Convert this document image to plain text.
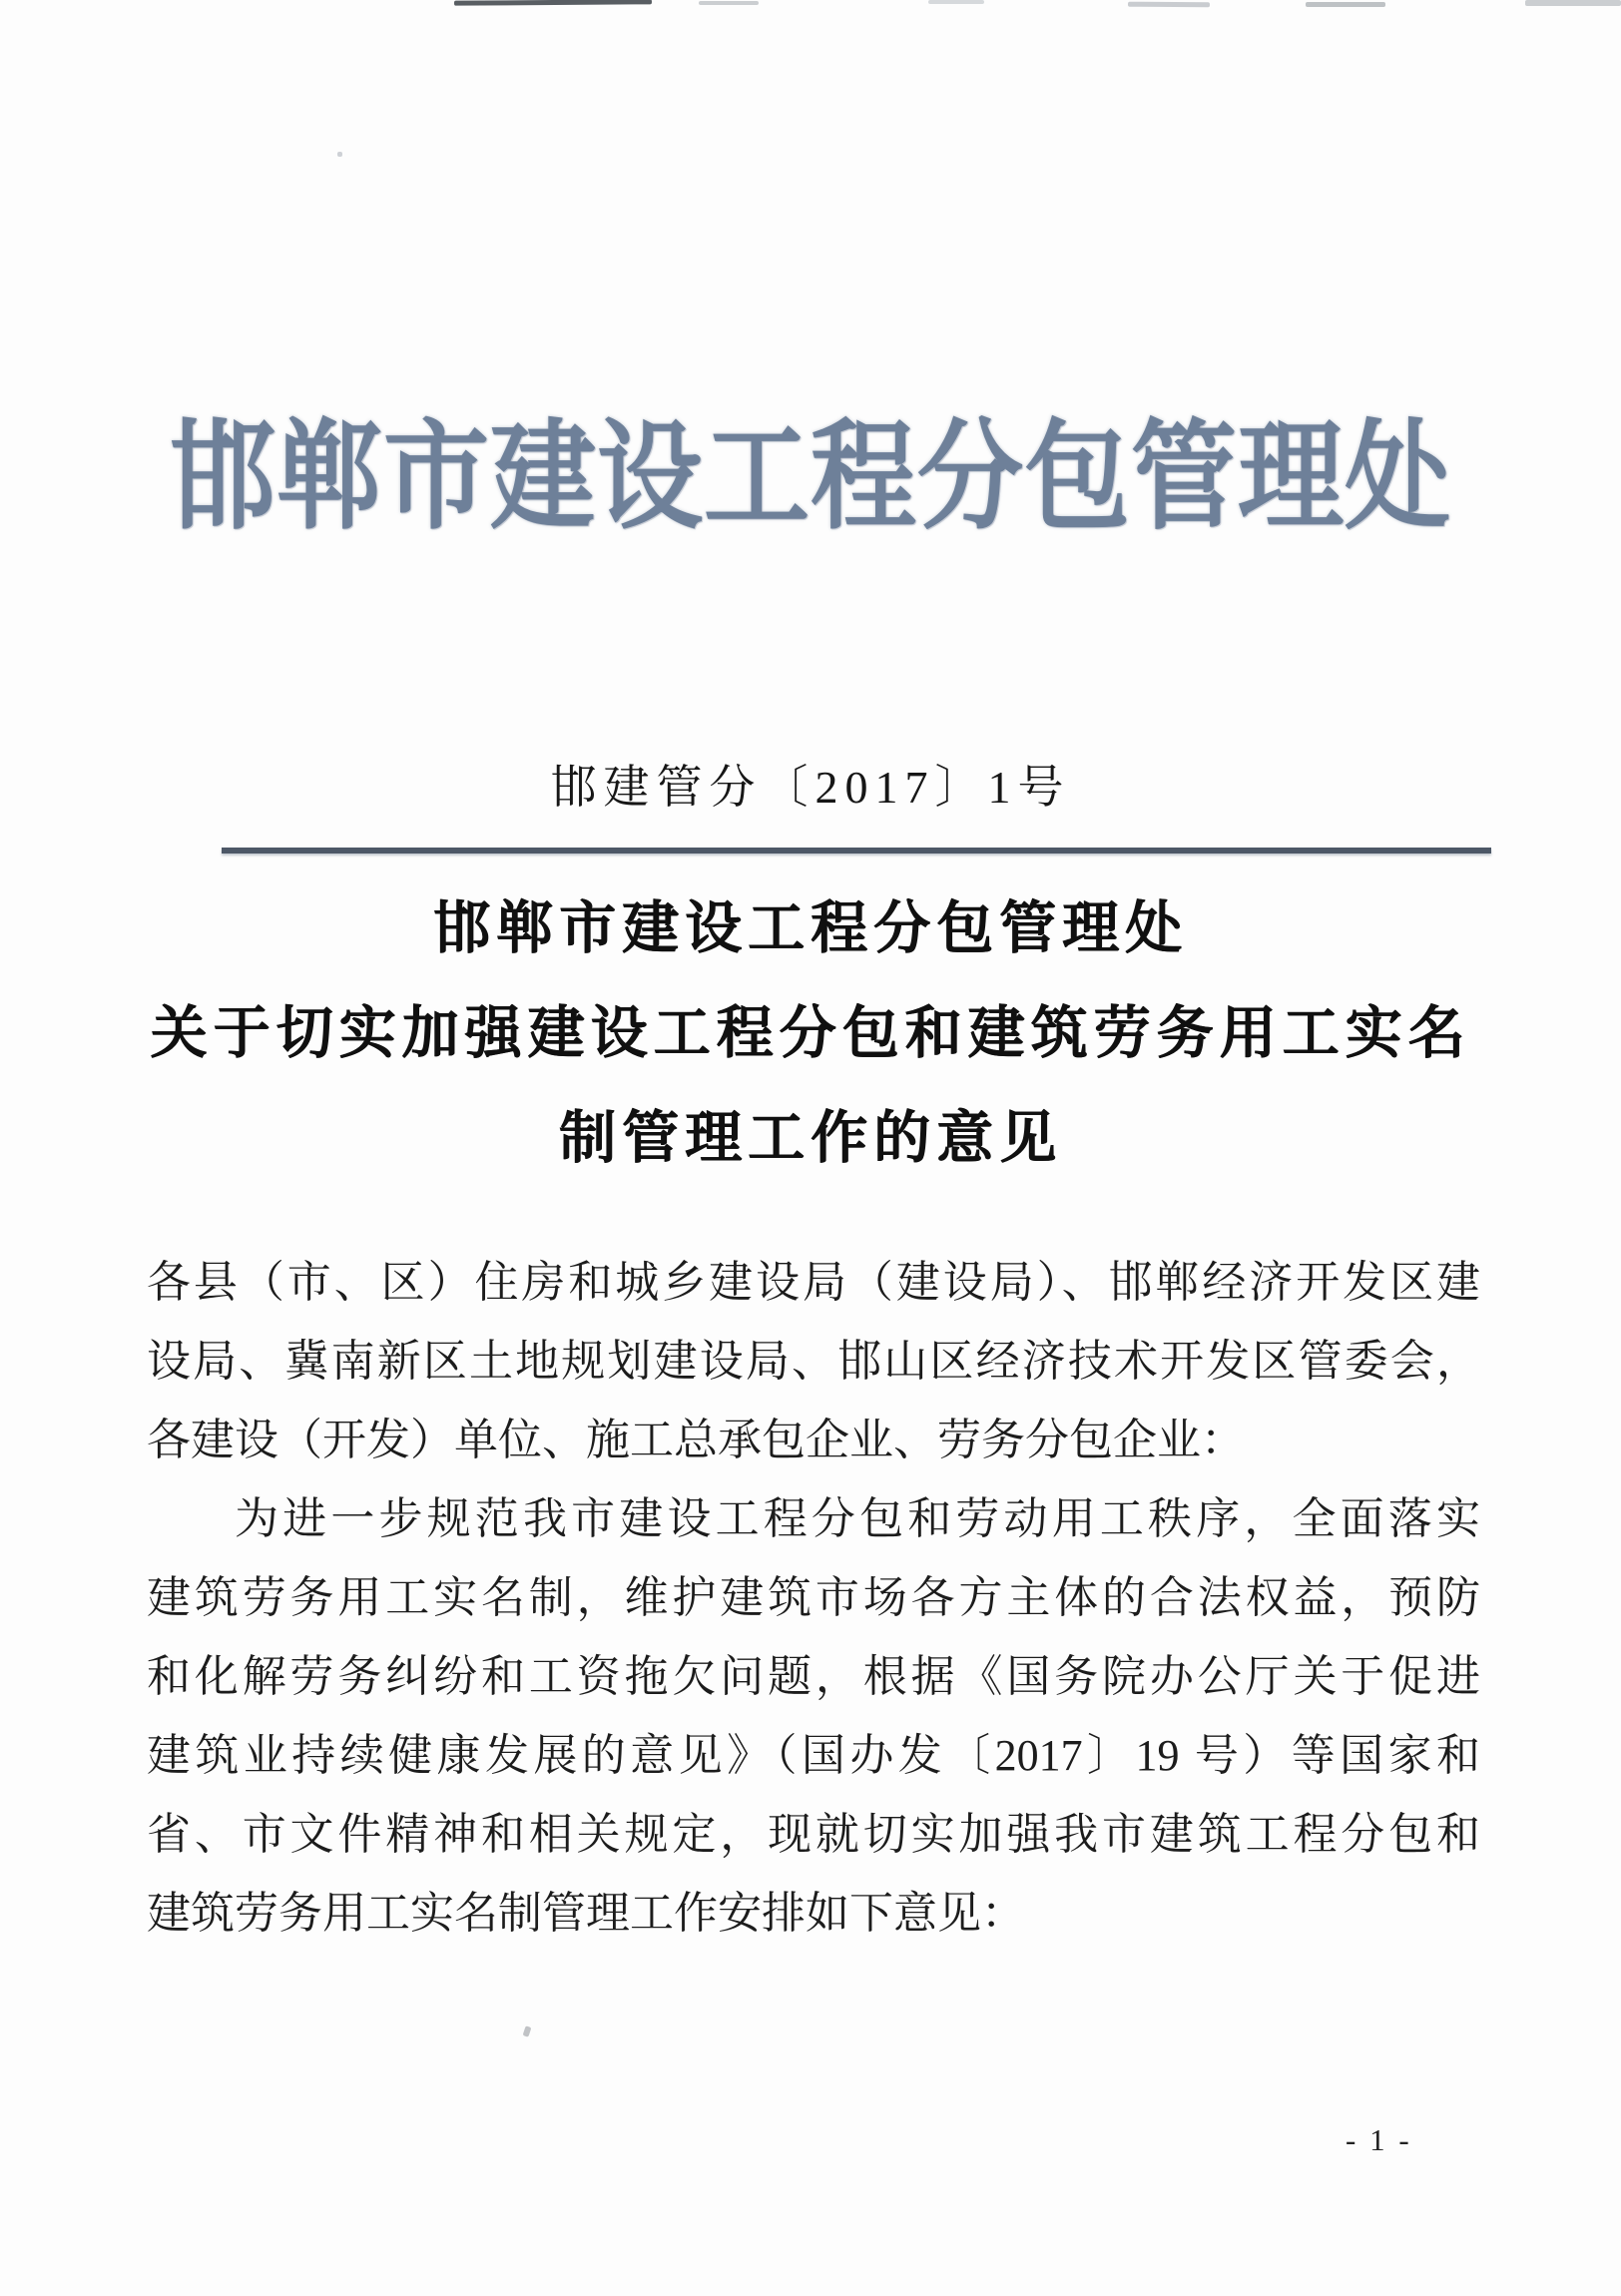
邯郸市建设工程分包管理处
邯建管分〔2017〕1号
邯郸市建设工程分包管理处
关于切实加强建设工程分包和建筑劳务用工实名
制管理工作的意见
各县（市、区）住房和城乡建设局（建设局）、邯郸经济开发区建
设局、冀南新区土地规划建设局、邯山区经济技术开发区管委会，
各建设（开发）单位、施工总承包企业、劳务分包企业：
为进一步规范我市建设工程分包和劳动用工秩序，全面落实
建筑劳务用工实名制，维护建筑市场各方主体的合法权益，预防
和化解劳务纠纷和工资拖欠问题，根据《国务院办公厅关于促进
建筑业持续健康发展的意见》（国办发〔2017〕19 号）等国家和
省、市文件精神和相关规定，现就切实加强我市建筑工程分包和
建筑劳务用工实名制管理工作安排如下意见：
- 1 -
